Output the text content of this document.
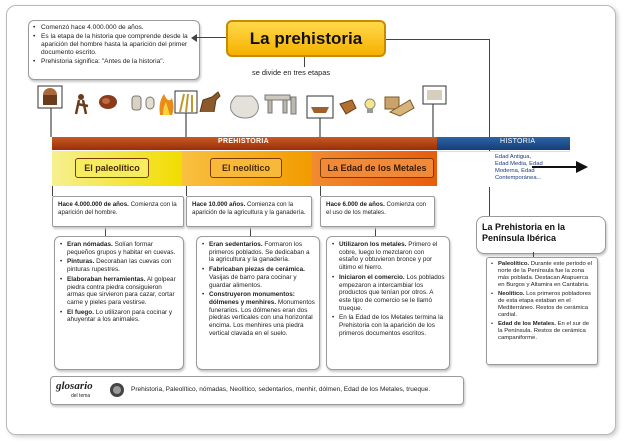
• Comenzó hace 4.000.000 de años.
• Es la etapa de la historia que comprende desde la aparición del hombre hasta la aparición del primer documento escrito.
• Prehistoria significa: "Antes de la historia".
La prehistoria
se divide en tres etapas
PREHISTORIA	HISTORIA
Edad Antigua, Edad Media, Edad Moderna, Edad Contemporánea...
El paleolítico	El neolítico	La Edad de los Metales
Hace 4.000.000 de años. Comienza con la aparición del hombre.
Hace 10.000 años. Comienza con la aparición de la agricultura y la ganadería.
Hace 6.000 de años. Comienza con el uso de los metales.
• Eran nómadas. Solían formar pequeños grupos y habitar en cuevas.
• Pinturas. Decoraban las cuevas con pinturas rupestres.
• Elaboraban herramientas. Al golpear piedra contra piedra consiguieron armas que sirvieron para cazar, cortar carne y pieles para vestirse.
• El fuego. Lo utilizaron para cocinar y ahuyentar a los animales.
• Eran sedentarios. Formaron los primeros poblados. Se dedicaban a la agricultura y la ganadería.
• Fabricaban piezas de cerámica. Vasijas de barro para cocinar y guardar alimentos.
• Construyeron monumentos: dólmenes y menhires. Monumentos funerarios. Los dólmenes eran dos piedras verticales con una horizontal encima. Los menhires una piedra vertical clavada en el suelo.
• Utilizaron los metales. Primero el cobre, luego lo mezclaron con estaño y obtuvieron bronce y por último el hierro.
• Iniciaron el comercio. Los poblados empezaron a intercambiar los productos que tenían por otros. A este tipo de comercio se le llamó trueque.
• En la Edad de los Metales termina la Prehistoria con la aparición de los primeros documentos escritos.
La Prehistoria en la Península Ibérica
• Paleolítico. Durante este periodo el norte de la Península fue la zona más poblada. Destacan Atapuerca en Burgos y Altamira en Cantabria.
• Neolítico. Los primeros pobladores de esta etapa estaban en el Mediterráneo. Restos de cerámica cardial.
• Edad de los Metales. En el sur de la Península. Restos de cerámica campaniforme.
glosario
del tema
Prehistoria, Paleolítico, nómadas, Neolítico, sedentarios, menhir, dólmen, Edad de los Metales, trueque.
